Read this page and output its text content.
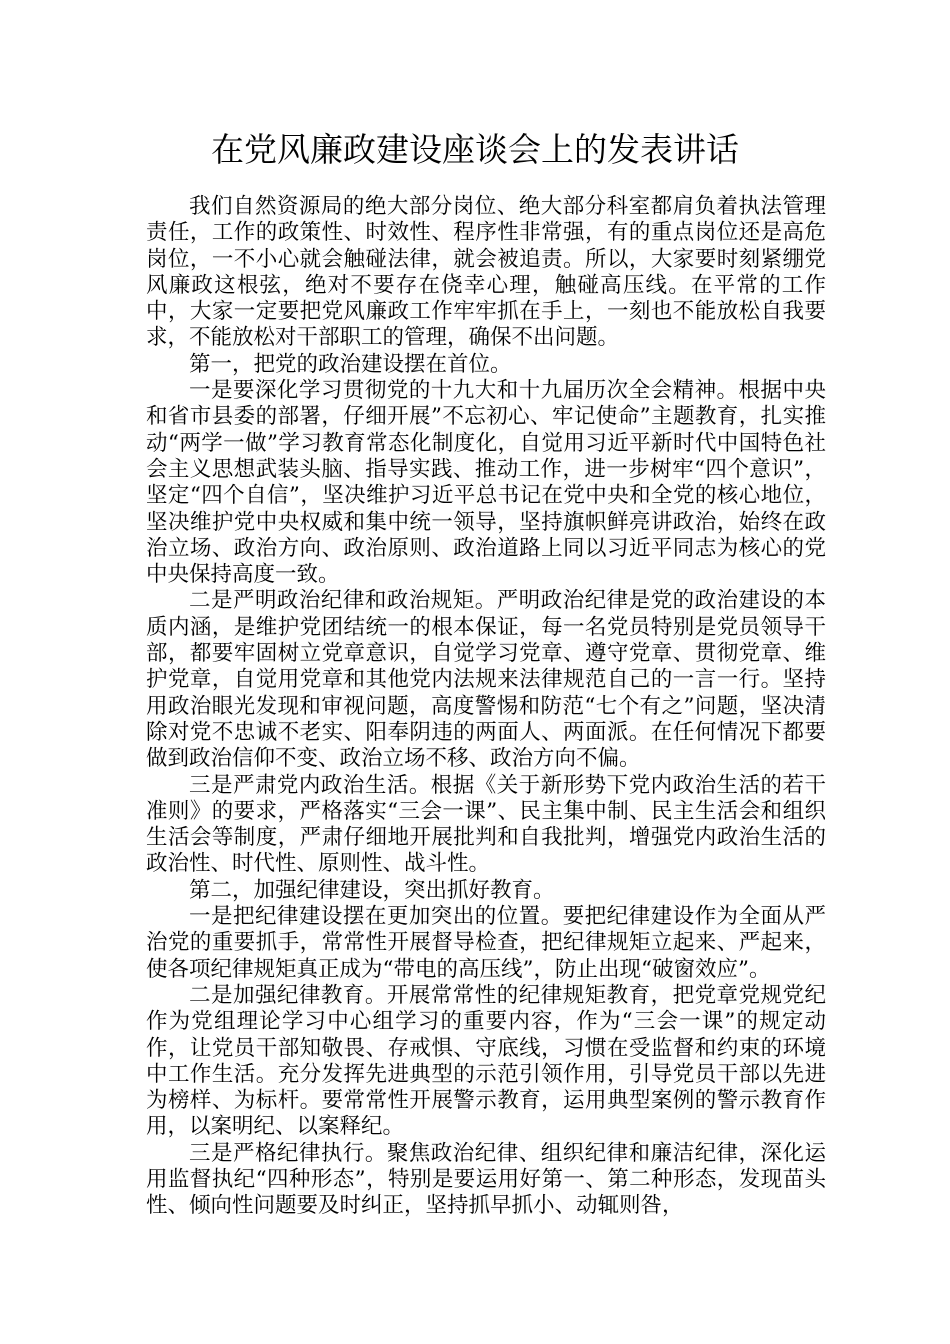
在党风廉政建设座谈会上的发表讲话

我们自然资源局的绝大部分岗位、绝大部分科室都肩负着执法管理责任，工作的政策性、时效性、程序性非常强，有的重点岗位还是高危岗位，一不小心就会触碰法律，就会被追责。所以，大家要时刻紧绷党风廉政这根弦，绝对不要存在侥幸心理，触碰高压线。在平常的工作中，大家一定要把党风廉政工作牢牢抓在手上，一刻也不能放松自我要求，不能放松对干部职工的管理，确保不出问题。

第一，把党的政治建设摆在首位。

一是要深化学习贯彻党的十九大和十九届历次全会精神。根据中央和省市县委的部署，仔细开展”不忘初心、牢记使命”主题教育，扎实推动“两学一做”学习教育常态化制度化，自觉用习近平新时代中国特色社会主义思想武装头脑、指导实践、推动工作，进一步树牢“四个意识”，坚定“四个自信”，坚决维护习近平总书记在党中央和全党的核心地位，坚决维护党中央权威和集中统一领导，坚持旗帜鲜亮讲政治，始终在政治立场、政治方向、政治原则、政治道路上同以习近平同志为核心的党中央保持高度一致。

二是严明政治纪律和政治规矩。严明政治纪律是党的政治建设的本质内涵，是维护党团结统一的根本保证，每一名党员特别是党员领导干部，都要牢固树立党章意识，自觉学习党章、遵守党章、贯彻党章、维护党章，自觉用党章和其他党内法规来法律规范自己的一言一行。坚持用政治眼光发现和审视问题，高度警惕和防范“七个有之”问题，坚决清除对党不忠诚不老实、阳奉阴违的两面人、两面派。在任何情况下都要做到政治信仰不变、政治立场不移、政治方向不偏。

三是严肃党内政治生活。根据《关于新形势下党内政治生活的若干准则》的要求，严格落实“三会一课”、民主集中制、民主生活会和组织生活会等制度，严肃仔细地开展批判和自我批判，增强党内政治生活的政治性、时代性、原则性、战斗性。

第二，加强纪律建设，突出抓好教育。

一是把纪律建设摆在更加突出的位置。要把纪律建设作为全面从严治党的重要抓手，常常性开展督导检查，把纪律规矩立起来、严起来，使各项纪律规矩真正成为“带电的高压线”，防止出现“破窗效应”。

二是加强纪律教育。开展常常性的纪律规矩教育，把党章党规党纪作为党组理论学习中心组学习的重要内容，作为“三会一课”的规定动作，让党员干部知敬畏、存戒惧、守底线，习惯在受监督和约束的环境中工作生活。充分发挥先进典型的示范引领作用，引导党员干部以先进为榜样、为标杆。要常常性开展警示教育，运用典型案例的警示教育作用，以案明纪、以案释纪。

三是严格纪律执行。聚焦政治纪律、组织纪律和廉洁纪律，深化运用监督执纪“四种形态”，特别是要运用好第一、第二种形态，发现苗头性、倾向性问题要及时纠正，坚持抓早抓小、动辄则咎，
